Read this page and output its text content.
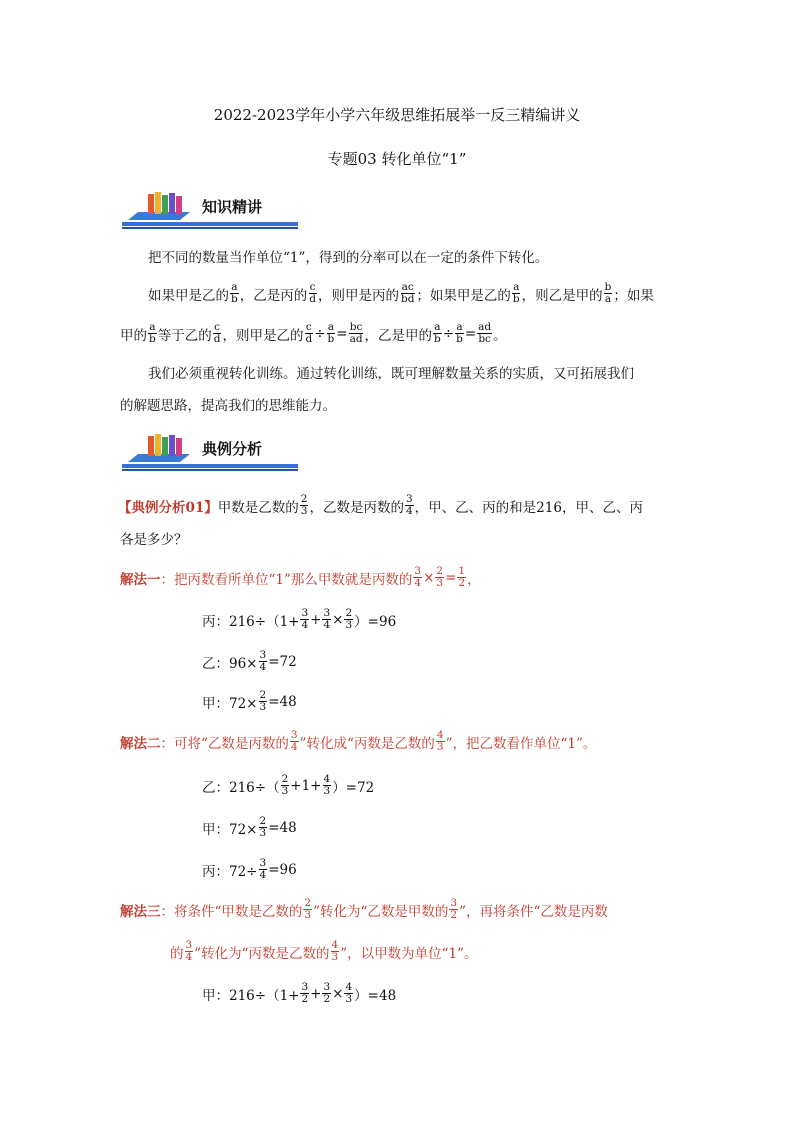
2022-2023学年小学六年级思维拓展举一反三精编讲义
专题03 转化单位“1”
知识精讲
把不同的数量当作单位“1”，得到的分率可以在一定的条件下转化。
如果甲是乙的 $\frac{a}{b}$ ，乙是丙的 $\frac{c}{d}$ ，则甲是丙的 $\frac{ac}{bd}$ ；如果甲是乙的 $\frac{a}{b}$ ，则乙是甲的 $\frac{b}{a}$ ；如果
甲的 $\frac{a}{b}$ 等于乙的 $\frac{c}{d}$ ，则甲是乙的 $\frac{c}{d} \div \frac{a}{b} = \frac{bc}{ad}$ ，乙是甲的 $\frac{a}{b} \div \frac{a}{b} = \frac{ad}{bc}$ 。
我们必须重视转化训练。通过转化训练，既可理解数量关系的实质，又可拓展我们
的解题思路，提高我们的思维能力。
典例分析
【典例分析01】 甲数是乙数的 $\frac{2}{3}$ ，乙数是丙数的 $\frac{3}{4}$ ，甲、乙、丙的和是216，甲、乙、丙
各是多少？
解法一 ：把丙数看所单位“1”那么甲数就是丙数的 $\frac{3}{4} \times \frac{2}{3} = \frac{1}{2}$ ，
丙：$216\div(1+ \frac{3}{4} + \frac{3}{4} \times \frac{2}{3} )=96$
乙：$96\times \frac{3}{4} =72$
甲：$72\times \frac{2}{3} =48$
解法二 ：可将“乙数是丙数的 $\frac{3}{4}$ ”转化成“丙数是乙数的 $\frac{4}{3}$ ”，把乙数看作单位“1”。
乙：$216\div( \frac{2}{3} +1+ \frac{4}{3} )=72$
甲：$72\times \frac{2}{3} =48$
丙：$72\div \frac{3}{4} =96$
解法三 ：将条件“甲数是乙数的 $\frac{2}{3}$ ”转化为“乙数是甲数的 $\frac{3}{2}$ ”，再将条件“乙数是丙数
的 $\frac{3}{4}$ ”转化为“丙数是乙数的 $\frac{4}{3}$ ”，以甲数为单位“1”。
甲：$216\div(1+ \frac{3}{2} + \frac{3}{2} \times \frac{4}{3} )=48$
